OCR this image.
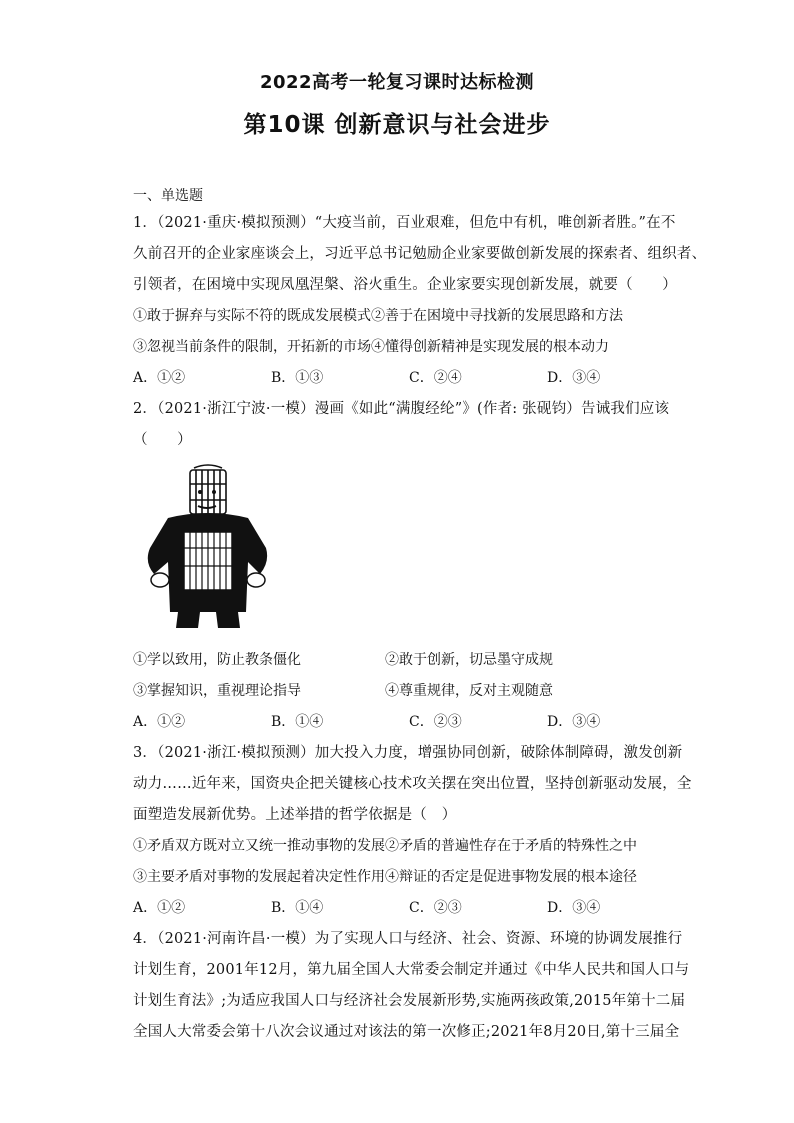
2022高考一轮复习课时达标检测
第10课 创新意识与社会进步
一、单选题
1．（2021·重庆·模拟预测）“大疫当前，百业艰难，但危中有机，唯创新者胜。”在不
久前召开的企业家座谈会上，习近平总书记勉励企业家要做创新发展的探索者、组织者、
引领者，在困境中实现凤凰涅槃、浴火重生。企业家要实现创新发展，就要（　　）
①敢于摒弃与实际不符的既成发展模式②善于在困境中寻找新的发展思路和方法
③忽视当前条件的限制，开拓新的市场④懂得创新精神是实现发展的根本动力
A．①②	B．①③	C．②④	D．③④
2．（2021·浙江宁波·一模）漫画《如此“满腹经纶”》(作者: 张砚钧）告诫我们应该
（　　）
①学以致用，防止教条僵化	②敢于创新，切忌墨守成规
③掌握知识，重视理论指导	④尊重规律，反对主观随意
A．①②	B．①④	C．②③	D．③④
3．（2021·浙江·模拟预测）加大投入力度，增强协同创新，破除体制障碍，激发创新
动力……近年来，国资央企把关键核心技术攻关摆在突出位置，坚持创新驱动发展，全
面塑造发展新优势。上述举措的哲学依据是（　）
①矛盾双方既对立又统一推动事物的发展②矛盾的普遍性存在于矛盾的特殊性之中
③主要矛盾对事物的发展起着决定性作用④辩证的否定是促进事物发展的根本途径
A．①②	B．①④	C．②③	D．③④
4．（2021·河南许昌·一模）为了实现人口与经济、社会、资源、环境的协调发展推行
计划生育，2001年12月，第九届全国人大常委会制定并通过《中华人民共和国人口与
计划生育法》;为适应我国人口与经济社会发展新形势,实施两孩政策,2015年第十二届
全国人大常委会第十八次会议通过对该法的第一次修正;2021年8月20日,第十三届全
